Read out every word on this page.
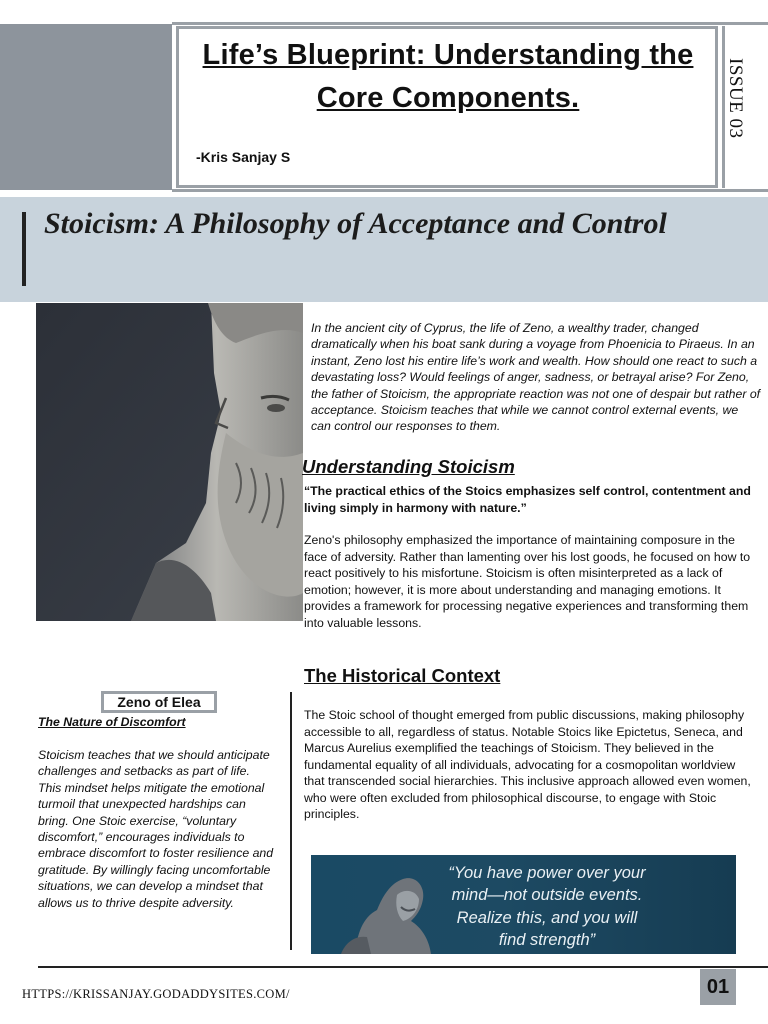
Life’s Blueprint: Understanding the Core Components.
-Kris Sanjay S
ISSUE 03
Stoicism: A Philosophy of Acceptance and Control
In the ancient city of Cyprus, the life of Zeno, a wealthy trader, changed dramatically when his boat sank during a voyage from Phoenicia to Piraeus. In an instant, Zeno lost his entire life’s work and wealth. How should one react to such a devastating loss? Would feelings of anger, sadness, or betrayal arise? For Zeno, the father of Stoicism, the appropriate reaction was not one of despair but rather of acceptance. Stoicism teaches that while we cannot control external events, we can control our responses to them.
Understanding Stoicism
“The practical ethics of the Stoics emphasizes self control, contentment and living simply in harmony with nature.”
Zeno's philosophy emphasized the importance of maintaining composure in the face of adversity. Rather than lamenting over his lost goods, he focused on how to react positively to his misfortune. Stoicism is often misinterpreted as a lack of emotion; however, it is more about understanding and managing emotions. It provides a framework for processing negative experiences and transforming them into valuable lessons.
The Historical Context
The Stoic school of thought emerged from public discussions, making philosophy accessible to all, regardless of status. Notable Stoics like Epictetus, Seneca, and Marcus Aurelius exemplified the teachings of Stoicism. They believed in the fundamental equality of all individuals, advocating for a cosmopolitan worldview that transcended social hierarchies. This inclusive approach allowed even women, who were often excluded from philosophical discourse, to engage with Stoic principles.
Zeno of Elea
The Nature of Discomfort
Stoicism teaches that we should anticipate challenges and setbacks as part of life. This mindset helps mitigate the emotional turmoil that unexpected hardships can bring. One Stoic exercise, “voluntary discomfort,” encourages individuals to embrace discomfort to foster resilience and gratitude. By willingly facing uncomfortable situations, we can develop a mindset that allows us to thrive despite adversity.
“You have power over your mind—not outside events. Realize this, and you will find strength”
HTTPS://KRISSANJAY.GODADDYSITES.COM/	01
